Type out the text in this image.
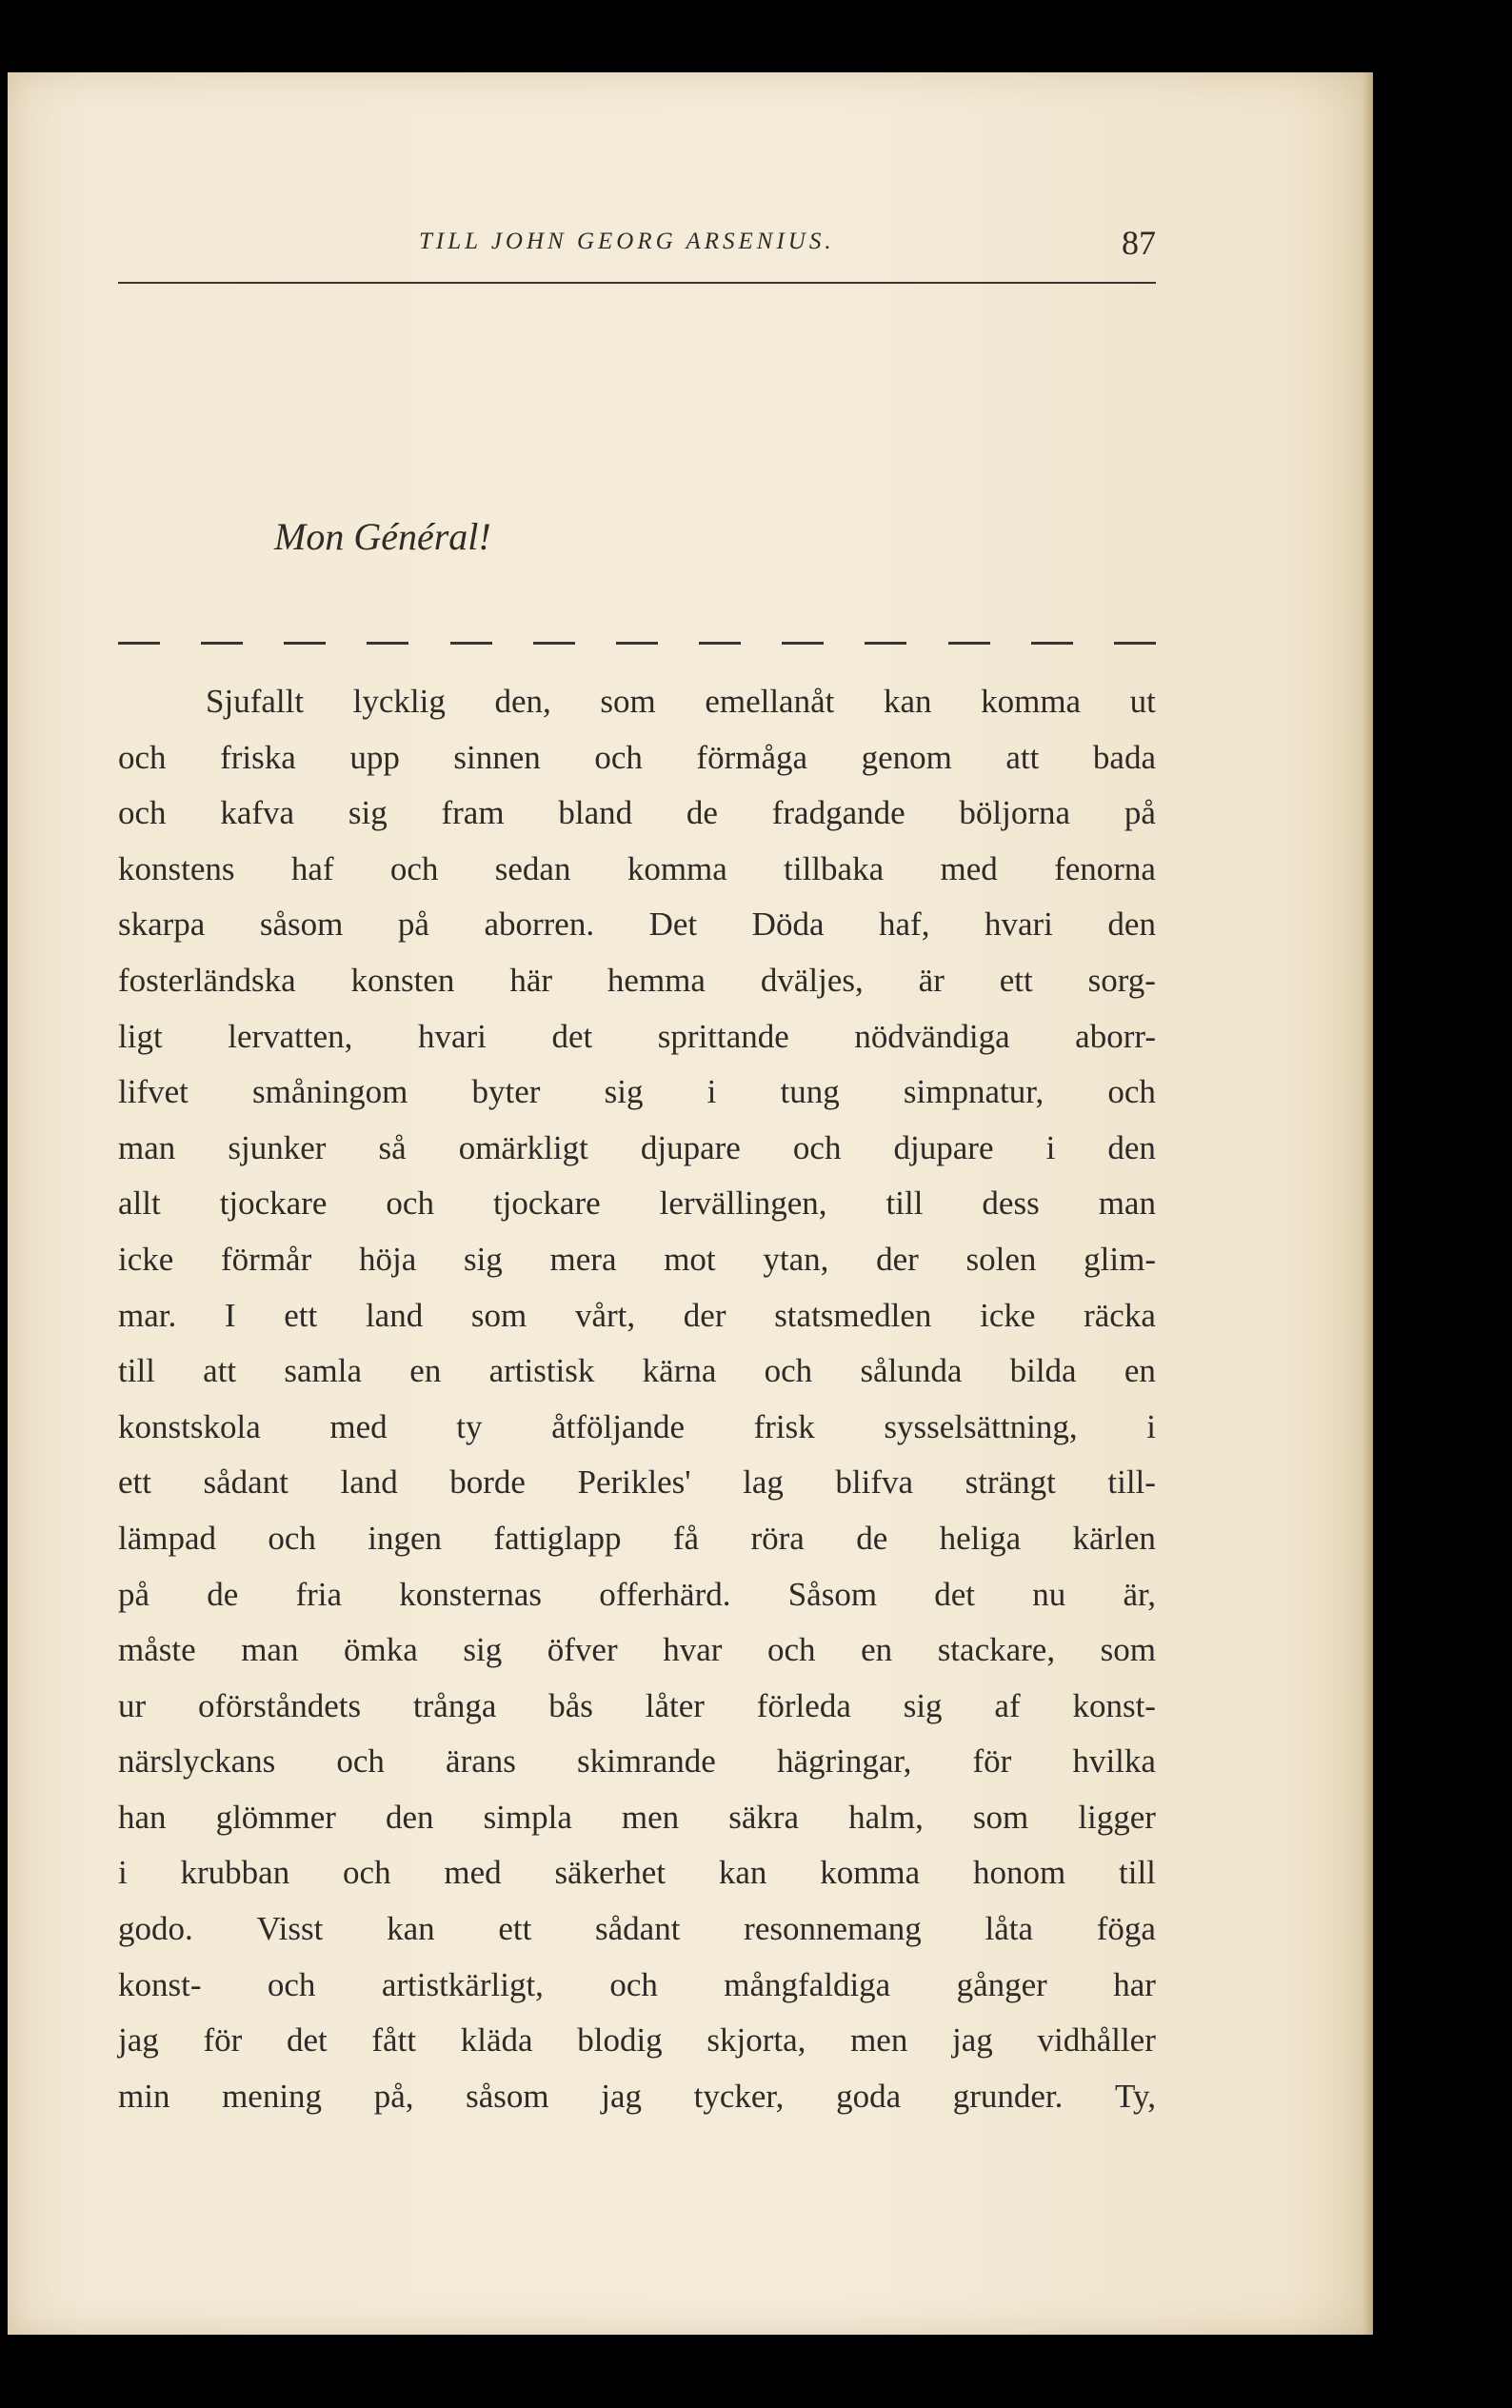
TILL JOHN GEORG ARSENIUS.	87
Mon Général!
Sjufallt lycklig den, som emellanåt kan komma ut
och friska upp sinnen och förmåga genom att bada
och kafva sig fram bland de fradgande böljorna på
konstens haf och sedan komma tillbaka med fenorna
skarpa såsom på aborren. Det Döda haf, hvari den
fosterländska konsten här hemma dväljes, är ett sorg-
ligt lervatten, hvari det sprittande nödvändiga aborr-
lifvet småningom byter sig i tung simpnatur, och
man sjunker så omärkligt djupare och djupare i den
allt tjockare och tjockare lervällingen, till dess man
icke förmår höja sig mera mot ytan, der solen glim-
mar. I ett land som vårt, der statsmedlen icke räcka
till att samla en artistisk kärna och sålunda bilda en
konstskola med ty åtföljande frisk sysselsättning, i
ett sådant land borde Perikles' lag blifva strängt till-
lämpad och ingen fattiglapp få röra de heliga kärlen
på de fria konsternas offerhärd. Såsom det nu är,
måste man ömka sig öfver hvar och en stackare, som
ur oförståndets trånga bås låter förleda sig af konst-
närslyckans och ärans skimrande hägringar, för hvilka
han glömmer den simpla men säkra halm, som ligger
i krubban och med säkerhet kan komma honom till
godo. Visst kan ett sådant resonnemang låta föga
konst- och artistkärligt, och mångfaldiga gånger har
jag för det fått kläda blodig skjorta, men jag vidhåller
min mening på, såsom jag tycker, goda grunder. Ty,
